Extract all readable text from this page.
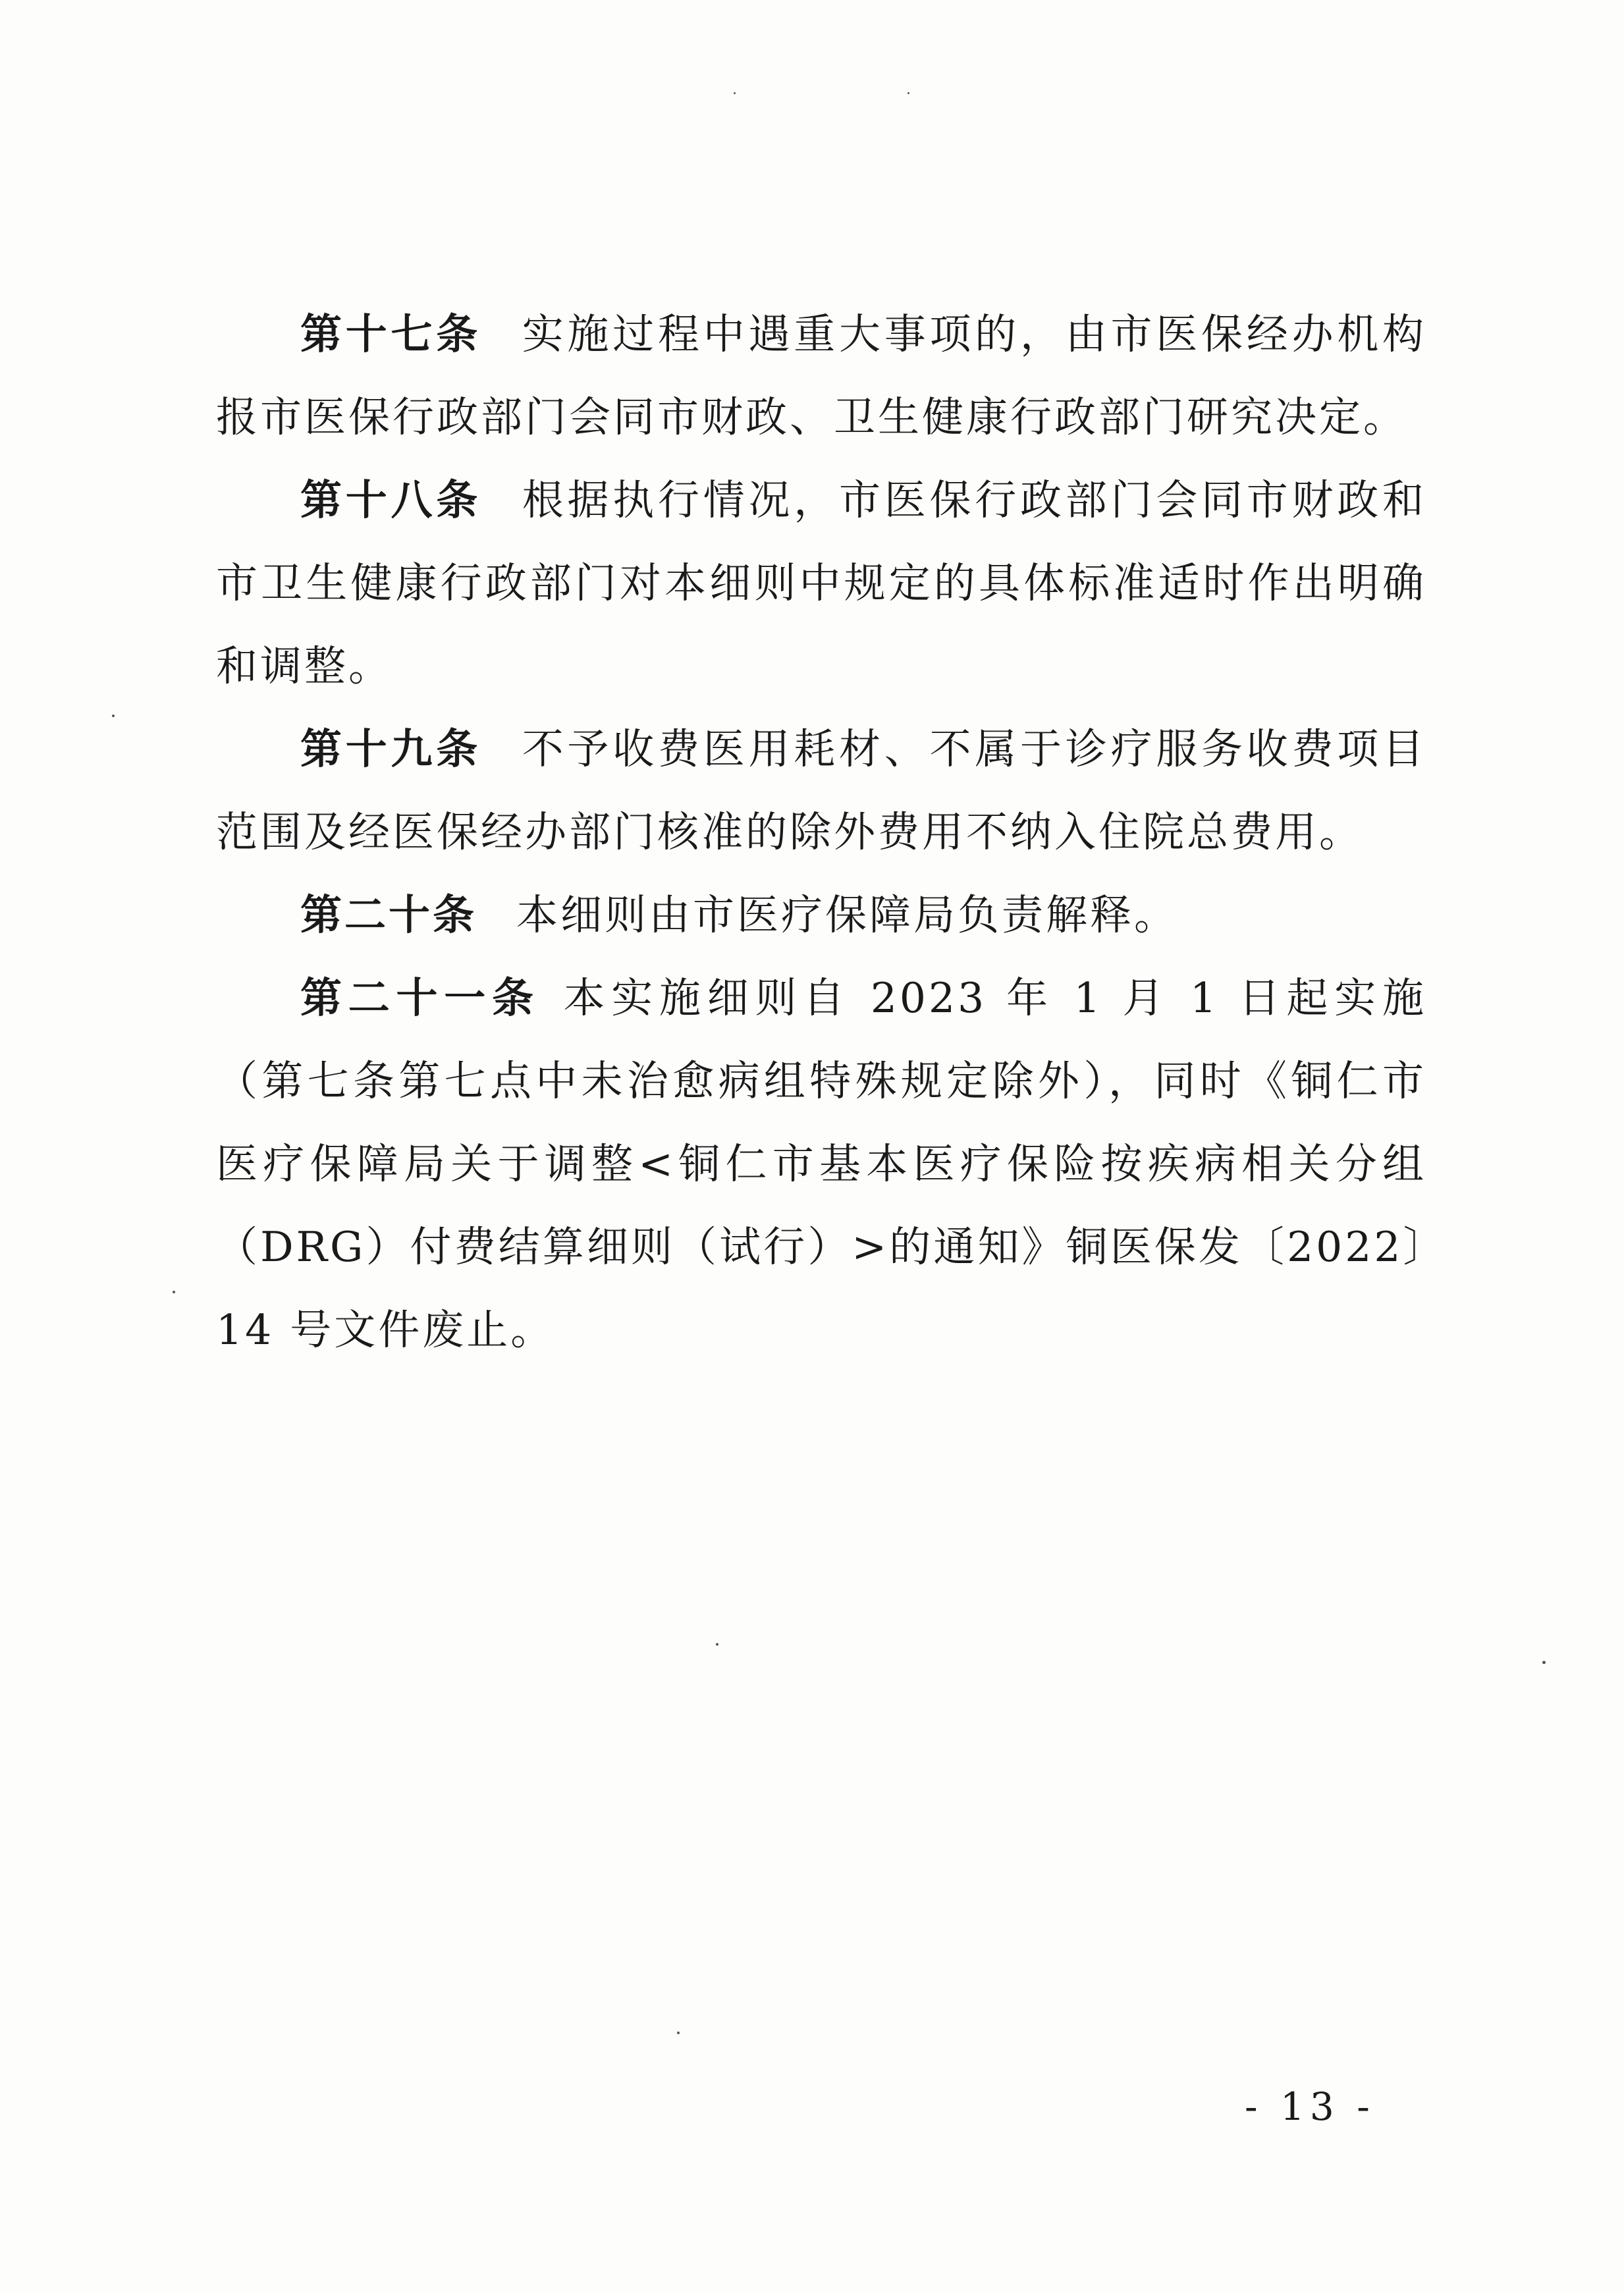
第十七条 实施过程中遇重大事项的，由市医保经办机构报市医保行政部门会同市财政、卫生健康行政部门研究决定。

第十八条 根据执行情况，市医保行政部门会同市财政和市卫生健康行政部门对本细则中规定的具体标准适时作出明确和调整。

第十九条 不予收费医用耗材、不属于诊疗服务收费项目范围及经医保经办部门核准的除外费用不纳入住院总费用。

第二十条 本细则由市医疗保障局负责解释。

第二十一条 本实施细则自 2023 年 1 月 1 日起实施（第七条第七点中未治愈病组特殊规定除外），同时《铜仁市医疗保障局关于调整<铜仁市基本医疗保险按疾病相关分组（DRG）付费结算细则（试行）>的通知》铜医保发〔2022〕14 号文件废止。

- 13 -
